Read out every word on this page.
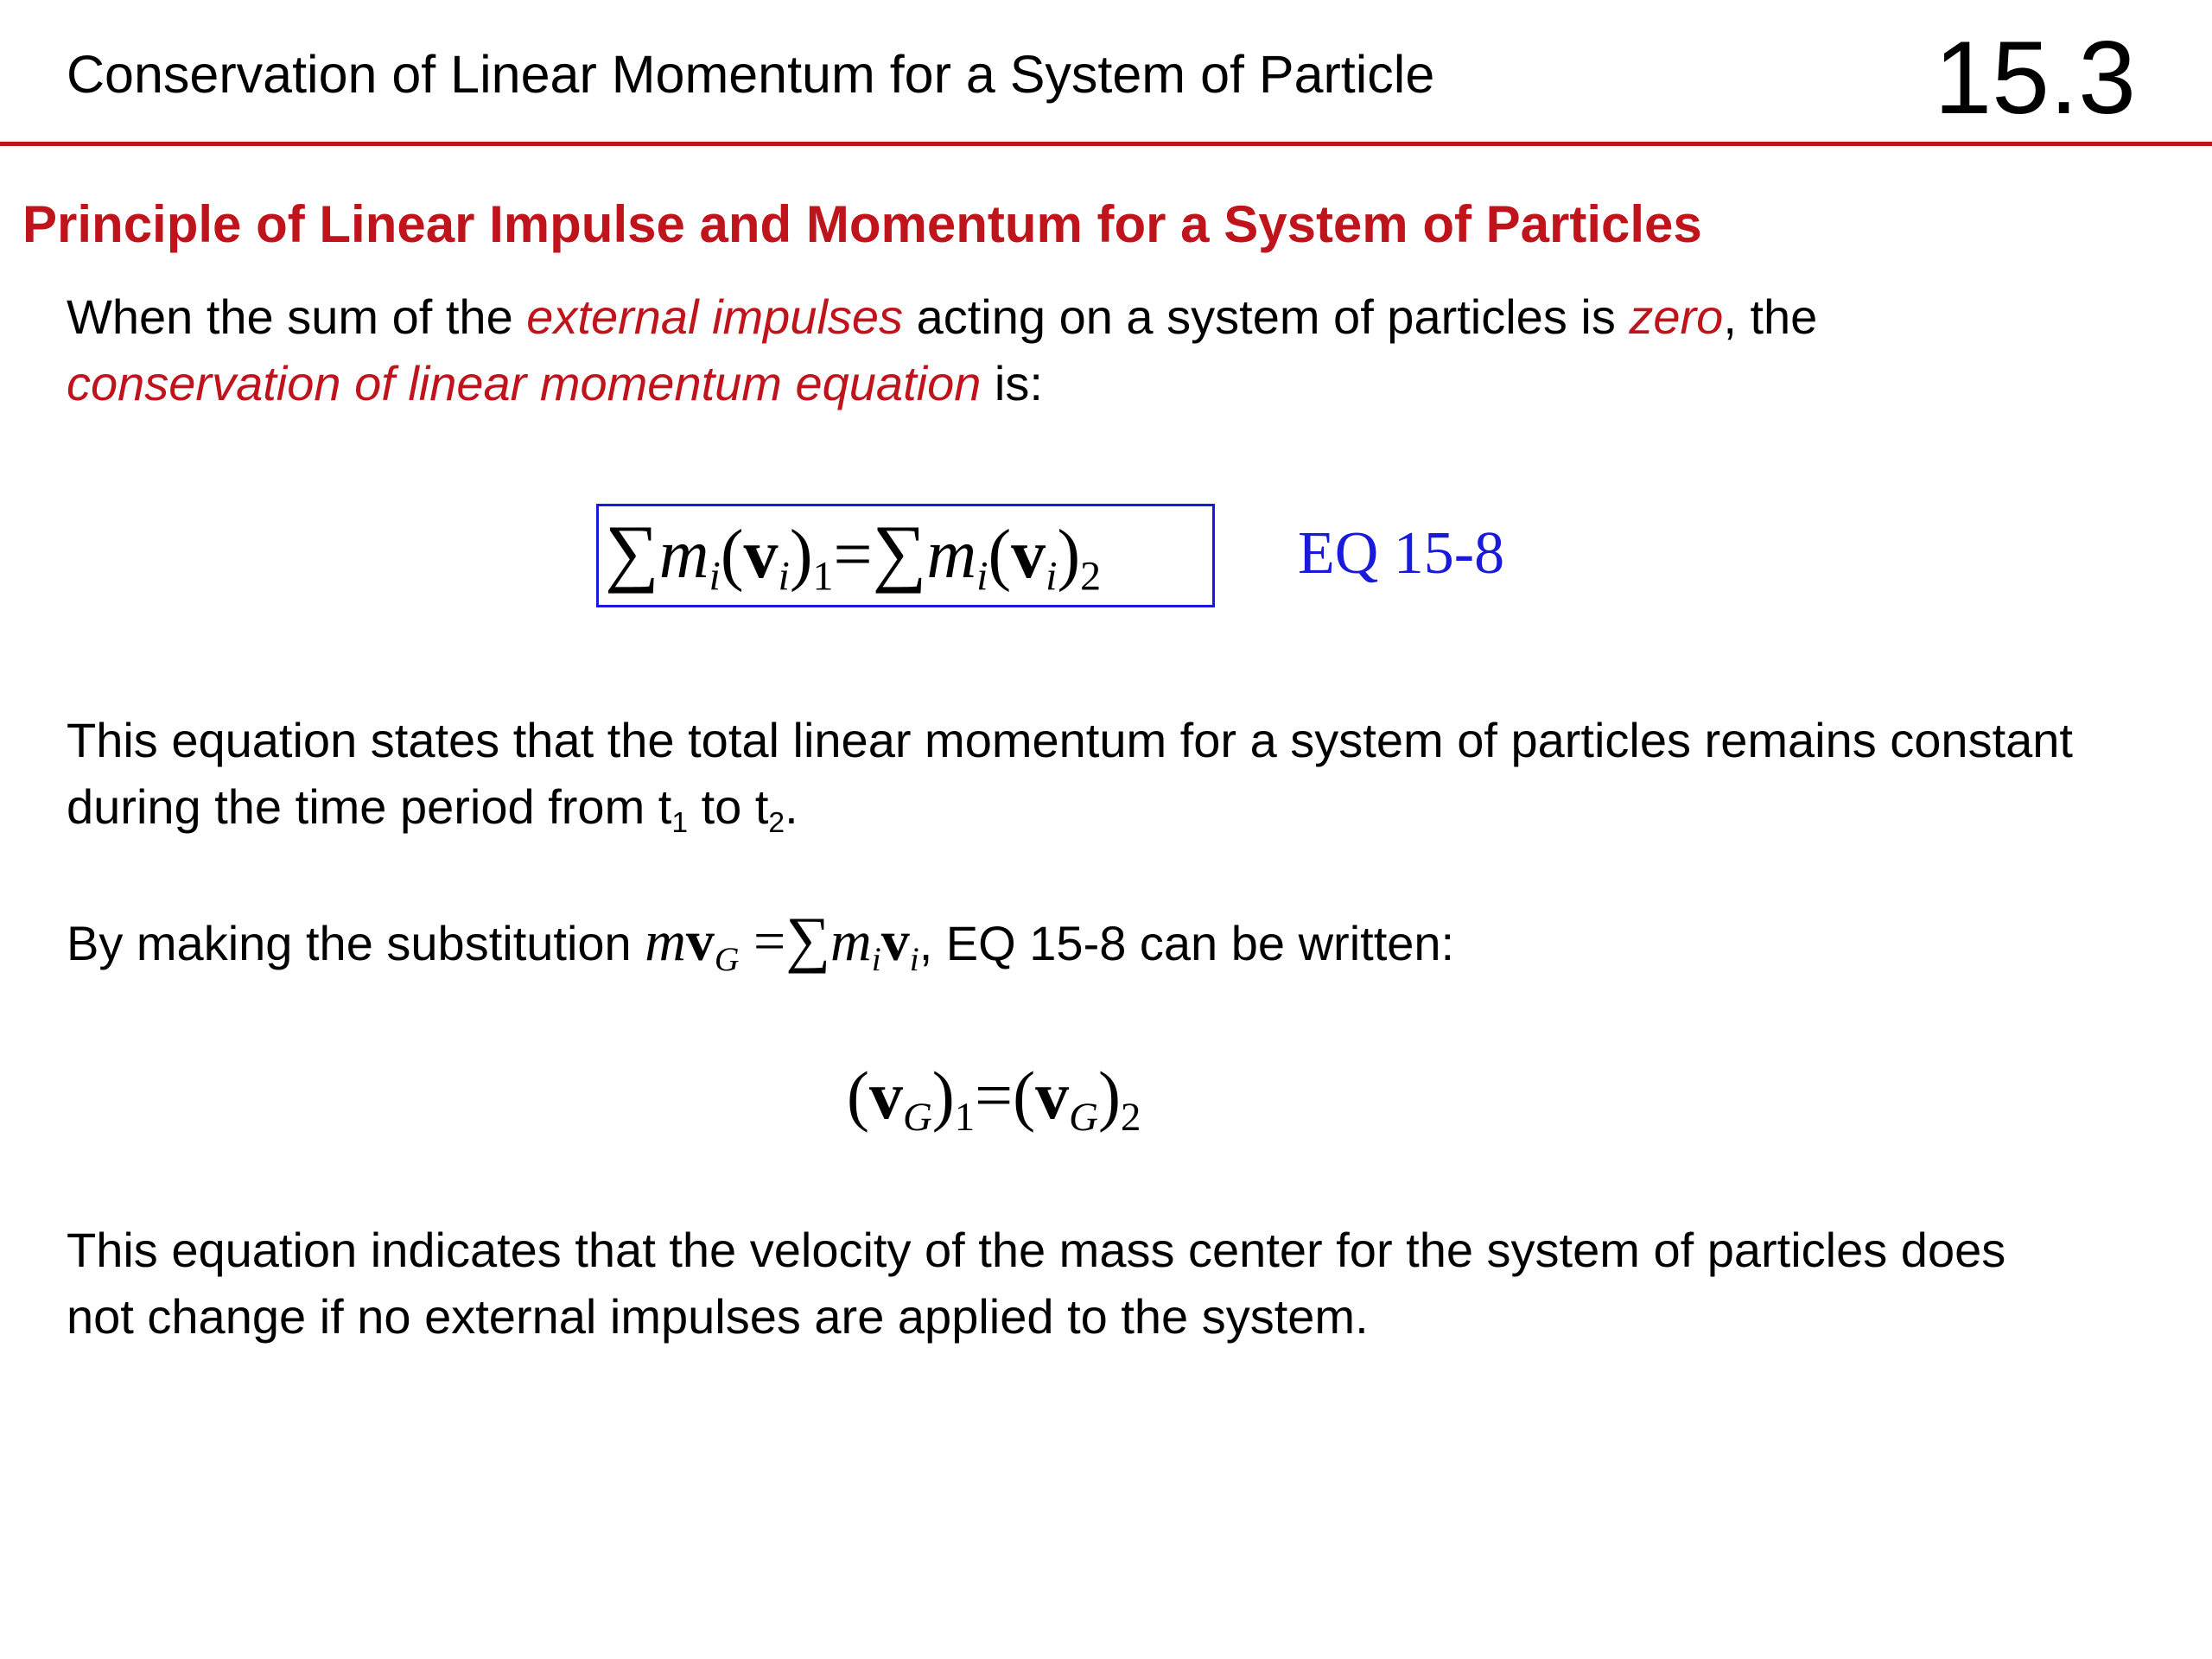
Conservation of Linear Momentum for a System of Particle	15.3
Principle of Linear Impulse and Momentum for a System of Particles
When the sum of the external impulses acting on a system of particles is zero, the
conservation of linear momentum equation is:
$\sum m_i(v_i)_1=\sum m_i(v_i)_2$	EQ 15-8
This equation states that the total linear momentum for a system of particles remains constant
during the time period from $t_1$ to $t_2$.
By making the substitution $mv_G =\sum m_iv_i$, EQ 15-8 can be written:
$(v_G)_1=(v_G)_2$
This equation indicates that the velocity of the mass center for the system of particles does
not change if no external impulses are applied to the system.
